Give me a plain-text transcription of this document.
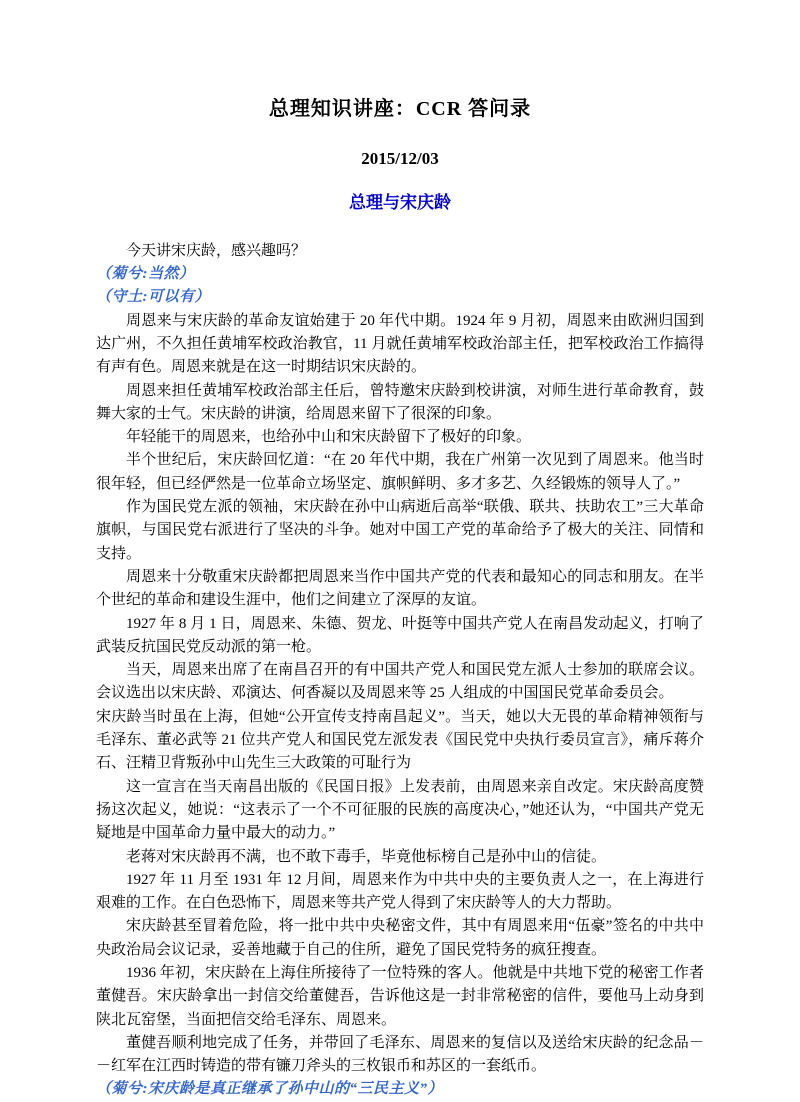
总理知识讲座：CCR 答问录
2015/12/03
总理与宋庆龄

今天讲宋庆龄，感兴趣吗？

（菊兮:当然）

（守土:可以有）

周恩来与宋庆龄的革命友谊始建于 20 年代中期。1924 年 9 月初，周恩来由欧洲归国到达广州，不久担任黄埔军校政治教官，11 月就任黄埔军校政治部主任，把军校政治工作搞得有声有色。周恩来就是在这一时期结识宋庆龄的。

周恩来担任黄埔军校政治部主任后，曾特邀宋庆龄到校讲演，对师生进行革命教育，鼓舞大家的士气。宋庆龄的讲演，给周恩来留下了很深的印象。

年轻能干的周恩来，也给孙中山和宋庆龄留下了极好的印象。

半个世纪后，宋庆龄回忆道：“在 20 年代中期，我在广州第一次见到了周恩来。他当时很年轻，但已经俨然是一位革命立场坚定、旗帜鲜明、多才多艺、久经锻炼的领导人了。”

作为国民党左派的领袖，宋庆龄在孙中山病逝后高举“联俄、联共、扶助农工”三大革命旗帜，与国民党右派进行了坚决的斗争。她对中国工产党的革命给予了极大的关注、同情和支持。

周恩来十分敬重宋庆龄都把周恩来当作中国共产党的代表和最知心的同志和朋友。在半个世纪的革命和建设生涯中，他们之间建立了深厚的友谊。

1927 年 8 月 1 日，周恩来、朱德、贺龙、叶挺等中国共产党人在南昌发动起义，打响了武装反抗国民党反动派的第一枪。

当天，周恩来出席了在南昌召开的有中国共产党人和国民党左派人士参加的联席会议。会议选出以宋庆龄、邓演达、何香凝以及周恩来等 25 人组成的中国国民党革命委员会。

宋庆龄当时虽在上海，但她“公开宣传支持南昌起义”。当天，她以大无畏的革命精神领衔与毛泽东、董必武等 21 位共产党人和国民党左派发表《国民党中央执行委员宣言》，痛斥蒋介石、汪精卫背叛孙中山先生三大政策的可耻行为

这一宣言在当天南昌出版的《民国日报》上发表前，由周恩来亲自改定。宋庆龄高度赞扬这次起义，她说：“这表示了一个不可征服的民族的高度决心，”她还认为，“中国共产党无疑地是中国革命力量中最大的动力。”

老蒋对宋庆龄再不满，也不敢下毒手，毕竟他标榜自己是孙中山的信徒。

1927 年 11 月至 1931 年 12 月间，周恩来作为中共中央的主要负责人之一，在上海进行艰难的工作。在白色恐怖下，周恩来等共产党人得到了宋庆龄等人的大力帮助。

宋庆龄甚至冒着危险，将一批中共中央秘密文件，其中有周恩来用“伍豪”签名的中共中央政治局会议记录，妥善地藏于自己的住所，避免了国民党特务的疯狂搜查。

1936 年初，宋庆龄在上海住所接待了一位特殊的客人。他就是中共地下党的秘密工作者董健吾。宋庆龄拿出一封信交给董健吾，告诉他这是一封非常秘密的信件，要他马上动身到陕北瓦窑堡，当面把信交给毛泽东、周恩来。

董健吾顺利地完成了任务，并带回了毛泽东、周恩来的复信以及送给宋庆龄的纪念品－－红军在江西时铸造的带有镰刀斧头的三枚银币和苏区的一套纸币。

（菊兮:宋庆龄是真正继承了孙中山的“三民主义”）
